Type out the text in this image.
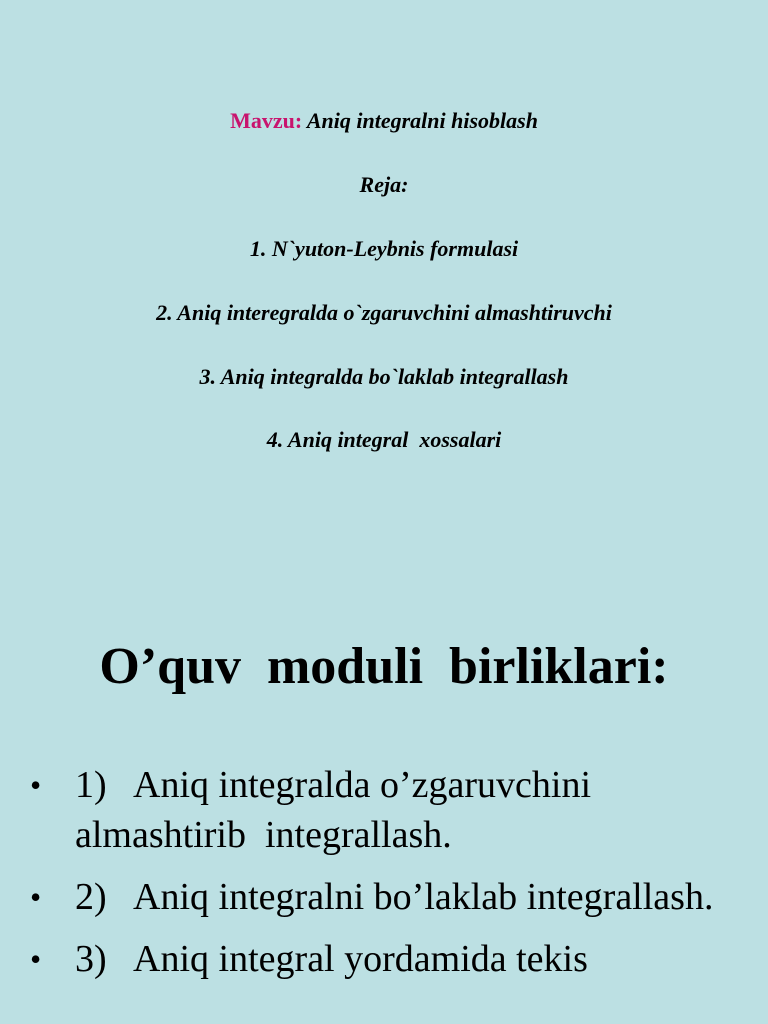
Mavzu: Aniq integralni hisoblash
Reja:
1. N`yuton-Leybnis formulasi
2. Aniq interegralda o`zgaruvchini almashtiruvchi
3. Aniq integralda bo`laklab integrallash
4. Aniq integral  xossalari
O’quv  moduli  birliklari:
• 1)   Aniq integralda o’zgaruvchini almashtirib  integrallash.
• 2)   Aniq integralni bo’laklab integrallash.
• 3)   Aniq integral yordamida tekis
